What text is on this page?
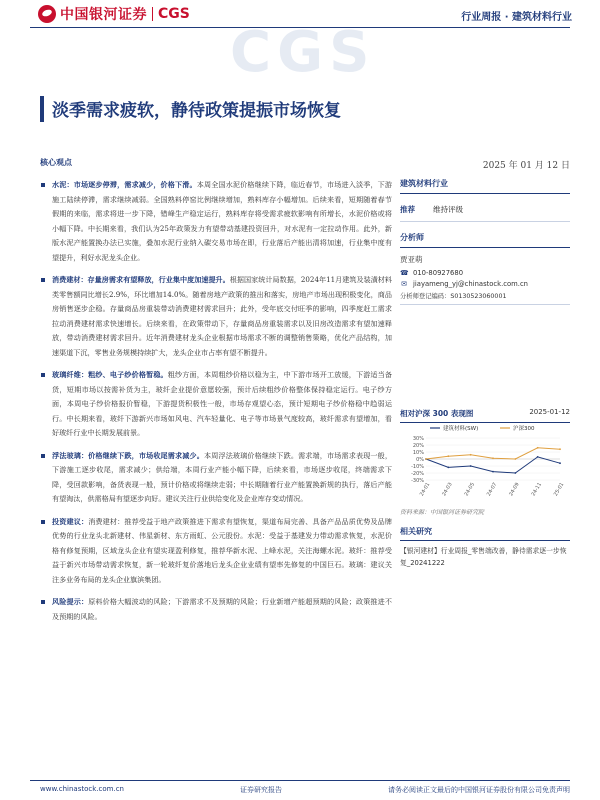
中国银河证券 CGS	行业周报 · 建筑材料行业
CGS
淡季需求疲软，静待政策提振市场恢复
核心观点	2025 年 01 月 12 日

水泥：市场逐步停滞，需求减少，价格下滑。本周全国水泥价格继续下降，临近春节，市场进入淡季，下游施工陆续停滞，需求继续减弱。全国熟料停窑比例继续增加，熟料库存小幅增加。后续来看，短期随着春节假期的来临，需求将进一步下降，错峰生产稳定运行，熟料库存将受需求疲软影响有所增长，水泥价格或将小幅下降。中长期来看，我们认为25年政策发力有望带动基建投资回升，对水泥有一定拉动作用。此外，新版水泥产能置换办法已实施，叠加水泥行业纳入碳交易市场在即，行业落后产能出清将加速，行业集中度有望提升，利好水泥龙头企业。

消费建材：存量房需求有望释放，行业集中度加速提升。根据国家统计局数据，2024年11月建筑及装潢材料类零售额同比增长2.9%，环比增加14.0%。随着房地产政策的推出和落实，房地产市场出现积极变化，商品房销售逐步企稳。存量商品房重装带动消费建材需求回升；此外，受年底交付旺季的影响，四季度赶工需求拉动消费建材需求快速增长。后续来看，在政策带动下，存量商品房重装需求以及旧房改造需求有望加速释放，带动消费建材需求回升。近年消费建材龙头企业根据市场需求不断的调整销售策略，优化产品结构，加速渠道下沉，零售业务规模持续扩大，龙头企业市占率有望不断提升。

玻璃纤维：粗纱、电子纱价格暂稳。粗纱方面，本周粗纱价格以稳为主，中下游市场开工放缓，下游适当备货，短期市场以按需补货为主，玻纤企业提价意愿较强，预计后续粗纱价格整体保持稳定运行。电子纱方面，本周电子纱价格报价暂稳，下游提货积极性一般，市场存观望心态，预计短期电子纱价格稳中趋弱运行。中长期来看，玻纤下游新兴市场如风电、汽车轻量化、电子等市场景气度较高，玻纤需求有望增加，看好玻纤行业中长期发展前景。

浮法玻璃：价格继续下跌，市场收尾需求减少。本周浮法玻璃价格继续下跌。需求端，市场需求表现一般，下游施工逐步收尾，需求减少；供给端，本周行业产能小幅下降，后续来看，市场逐步收尾，终端需求下降，受回款影响，备货表现一般，预计价格或将继续走弱；中长期随着行业产能置换新规的执行，落后产能有望淘汰，供需格局有望逐步向好。建议关注行业供给变化及企业库存变动情况。

投资建议：消费建材：推荐受益于地产政策推进下需求有望恢复，渠道布局完善、具备产品品质优势及品牌优势的行业龙头北新建材、伟星新材、东方雨虹、公元股份。水泥：受益于基建发力带动需求恢复，水泥价格有修复预期，区域龙头企业有望实现盈利修复，推荐华新水泥、上峰水泥，关注海螺水泥。玻纤：推荐受益于新兴市场带动需求恢复，新一轮玻纤复价落地后龙头企业业绩有望率先修复的中国巨石。玻璃：建议关注多业务布局的龙头企业旗滨集团。

风险提示：原料价格大幅波动的风险；下游需求不及预期的风险；行业新增产能超预期的风险；政策推进不及预期的风险。

建筑材料行业
推荐 维持评级
分析师
贾亚萌
☎ 010-80927680
✉ jiayameng_yj@chinastock.com.cn
分析师登记编码：S0130523060001
相对沪深 300 表现图	2025-01-12
30%
20%
10%
0%
-10%
-20%
-30%
24-01 24-03 24-05 24-07 24-09 24-11 25-01
建筑材料(SW)	沪深300
资料来源：中国银河证券研究院
相关研究
【银河建材】行业周报_零售端改善，静待需求逐一步恢复_20241222
www.chinastock.com.cn	证券研究报告	请务必阅读正文最后的中国银河证券股份有限公司免责声明
